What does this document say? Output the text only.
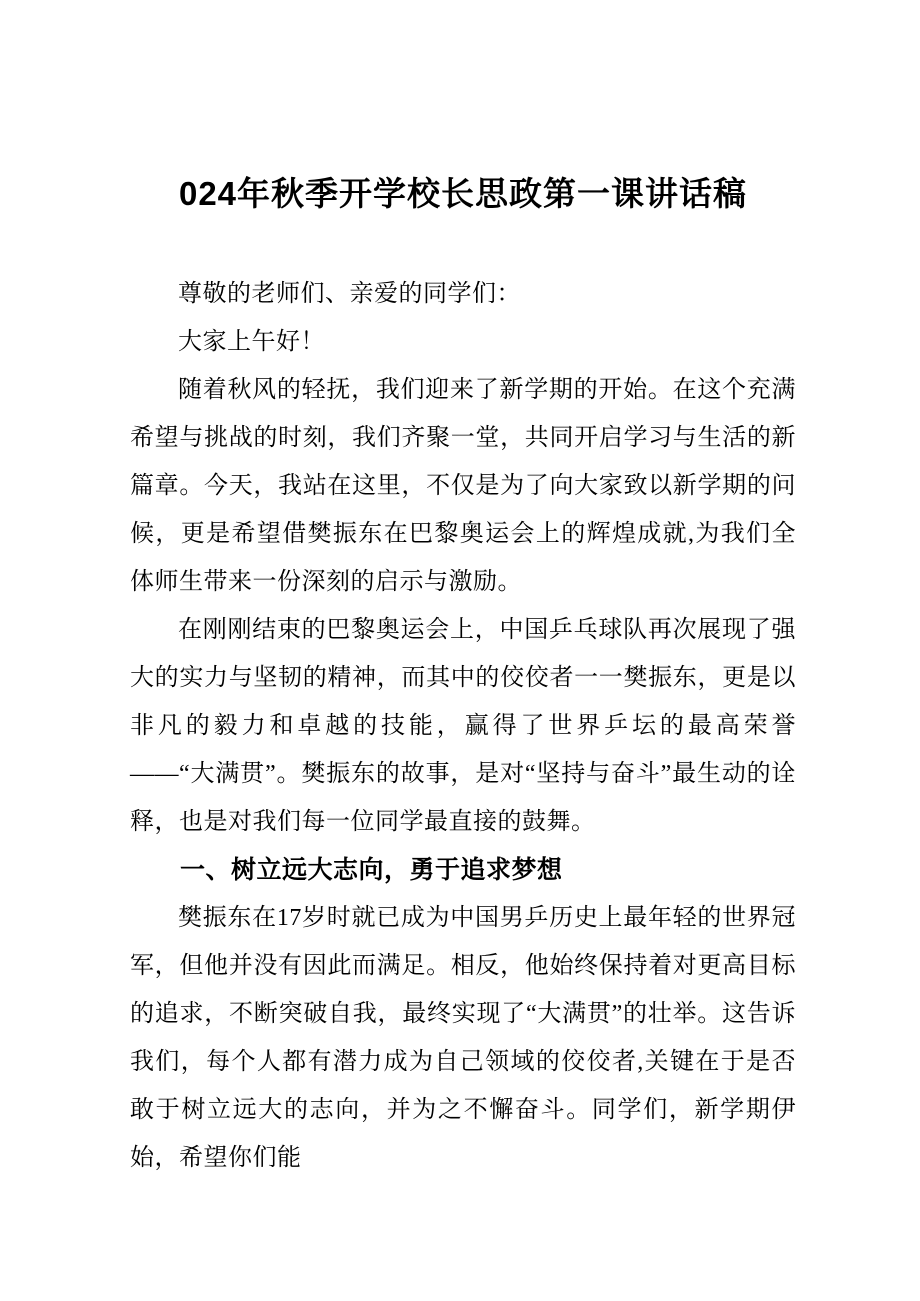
024年秋季开学校长思政第一课讲话稿

尊敬的老师们、亲爱的同学们：

大家上午好！

随着秋风的轻抚，我们迎来了新学期的开始。在这个充满希望与挑战的时刻，我们齐聚一堂，共同开启学习与生活的新篇章。今天，我站在这里，不仅是为了向大家致以新学期的问候，更是希望借樊振东在巴黎奥运会上的辉煌成就,为我们全体师生带来一份深刻的启示与激励。

在刚刚结束的巴黎奥运会上，中国乒乓球队再次展现了强大的实力与坚韧的精神，而其中的佼佼者一一樊振东，更是以非凡的毅力和卓越的技能，赢得了世界乒坛的最高荣誉——“大满贯”。樊振东的故事，是对“坚持与奋斗”最生动的诠释，也是对我们每一位同学最直接的鼓舞。

一、树立远大志向，勇于追求梦想

樊振东在17岁时就已成为中国男乒历史上最年轻的世界冠军，但他并没有因此而满足。相反，他始终保持着对更高目标的追求，不断突破自我，最终实现了“大满贯”的壮举。这告诉我们，每个人都有潜力成为自己领域的佼佼者,关键在于是否敢于树立远大的志向，并为之不懈奋斗。同学们，新学期伊始，希望你们能
